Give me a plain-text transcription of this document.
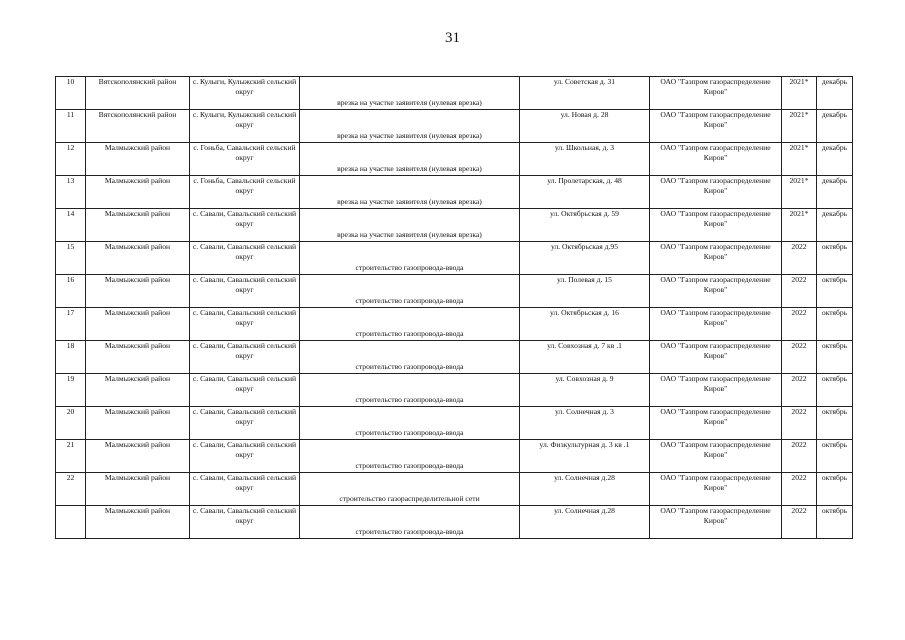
31
10	Вятскополянский район	с. Кулыги, Кулыжский сельский округ	врезка на участке заявителя (нулевая врезка)	ул. Советская д. 31	ОАО "Газпром газораспределение Киров"	2021*	декабрь
11	Вятскополянский район	с. Кулыги, Кулыжский сельский округ	врезка на участке заявителя (нулевая врезка)	ул. Новая д. 28	ОАО "Газпром газораспределение Киров"	2021*	декабрь
12	Малмыжский район	с. Гоньба, Савальский сельский округ	врезка на участке заявителя (нулевая врезка)	ул. Школьная, д. 3	ОАО "Газпром газораспределение Киров"	2021*	декабрь
13	Малмыжский район	с. Гоньба, Савальский сельский округ	врезка на участке заявителя (нулевая врезка)	ул. Пролетарская, д. 48	ОАО "Газпром газораспределение Киров"	2021*	декабрь
14	Малмыжский район	с. Савали, Савальский сельский округ	врезка на участке заявителя (нулевая врезка)	ул. Октябрьская д. 59	ОАО "Газпром газораспределение Киров"	2021*	декабрь
15	Малмыжский район	с. Савали, Савальский сельский округ	строительство газопровода-ввода	ул. Октябрьская д.95	ОАО "Газпром газораспределение Киров"	2022	октябрь
16	Малмыжский район	с. Савали, Савальский сельский округ	строительство газопровода-ввода	ул. Полевая д. 15	ОАО "Газпром газораспределение Киров"	2022	октябрь
17	Малмыжский район	с. Савали, Савальский сельский округ	строительство газопровода-ввода	ул. Октябрьская д. 16	ОАО "Газпром газораспределение Киров"	2022	октябрь
18	Малмыжский район	с. Савали, Савальский сельский округ	строительство газопровода-ввода	ул. Совхозная д. 7 кв .1	ОАО "Газпром газораспределение Киров"	2022	октябрь
19	Малмыжский район	с. Савали, Савальский сельский округ	строительство газопровода-ввода	ул. Совхозная д. 9	ОАО "Газпром газораспределение Киров"	2022	октябрь
20	Малмыжский район	с. Савали, Савальский сельский округ	строительство газопровода-ввода	ул. Солнечная д. 3	ОАО "Газпром газораспределение Киров"	2022	октябрь
21	Малмыжский район	с. Савали, Савальский сельский округ	строительство газопровода-ввода	ул. Физкультурная д. 3 кв .1	ОАО "Газпром газораспределение Киров"	2022	октябрь
22	Малмыжский район	с. Савали, Савальский сельский округ	строительство газораспределительной сети	ул. Солнечная д.28	ОАО "Газпром газораспределение Киров"	2022	октябрь
	Малмыжский район	с. Савали, Савальский сельский округ	строительство газопровода-ввода	ул. Солнечная д.28	ОАО "Газпром газораспределение Киров"	2022	октябрь
